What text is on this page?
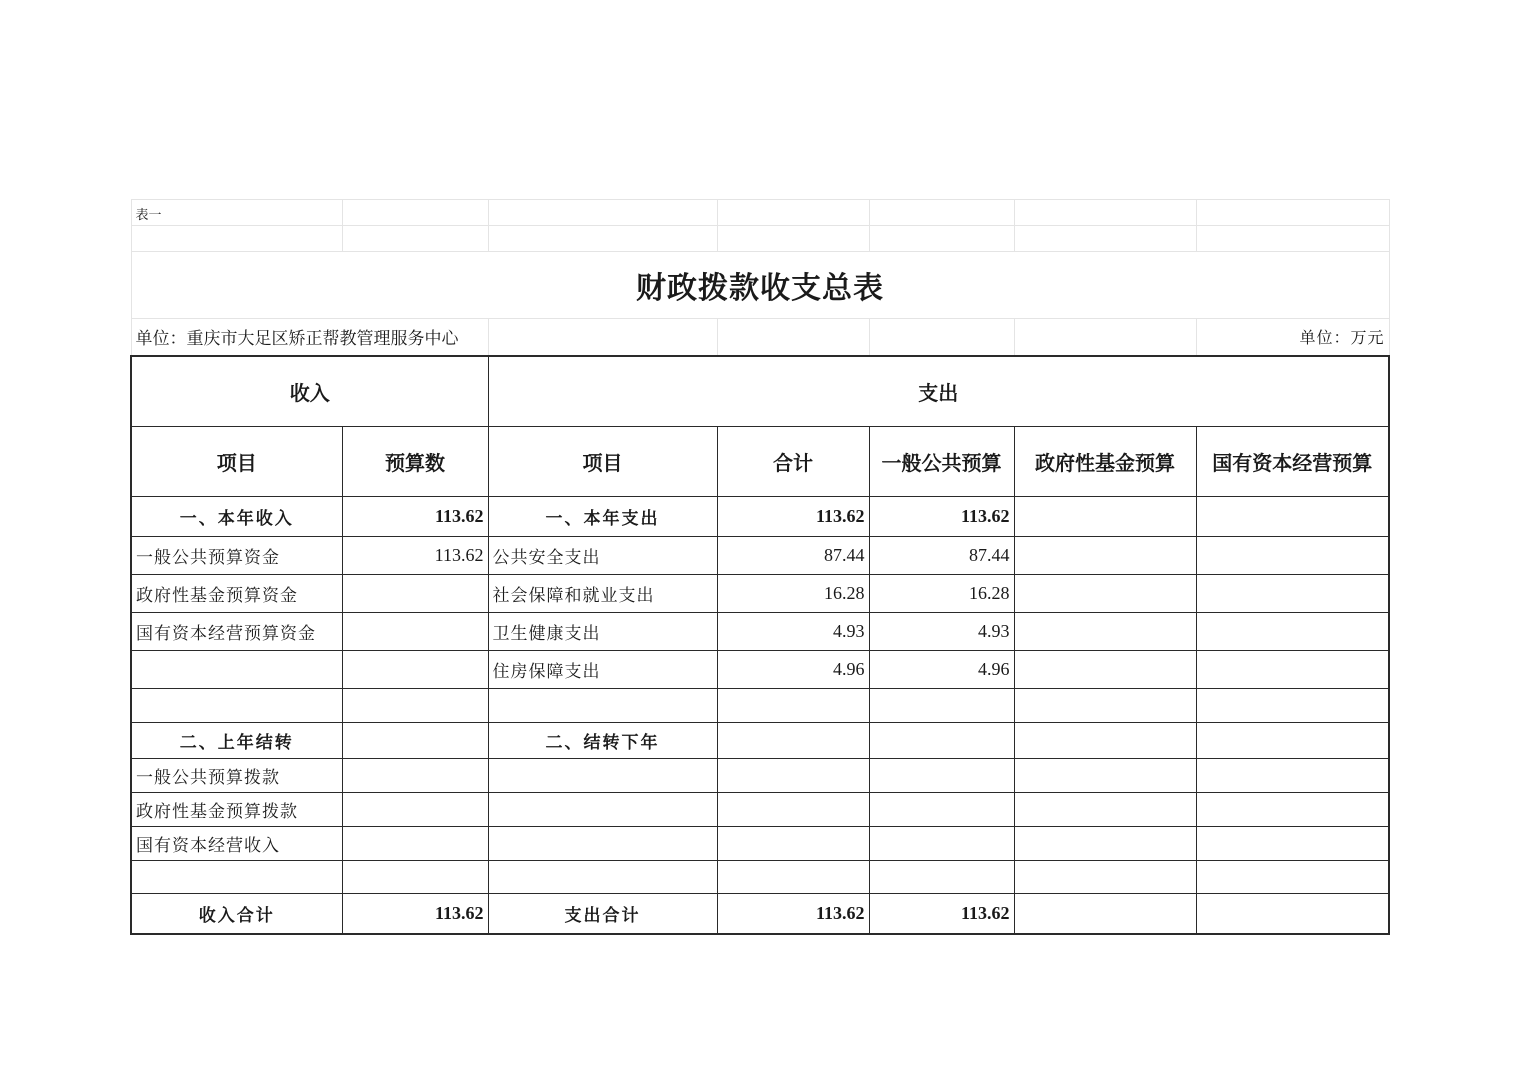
表一						

财政拨款收支总表						
单位：重庆市大足区矫正帮教管理服务中心						单位：万元
收入		支出				
项目	预算数	项目	合计	一般公共预算	政府性基金预算	国有资本经营预算
一、本年收入	113.62	一、本年支出	113.62	113.62		
一般公共预算资金	113.62	公共安全支出	87.44	87.44		
政府性基金预算资金		社会保障和就业支出	16.28	16.28		
国有资本经营预算资金		卫生健康支出	4.93	4.93		
		住房保障支出	4.96	4.96		

二、上年结转		二、结转下年				
一般公共预算拨款						
政府性基金预算拨款						
国有资本经营收入						

收入合计	113.62	支出合计	113.62	113.62		
